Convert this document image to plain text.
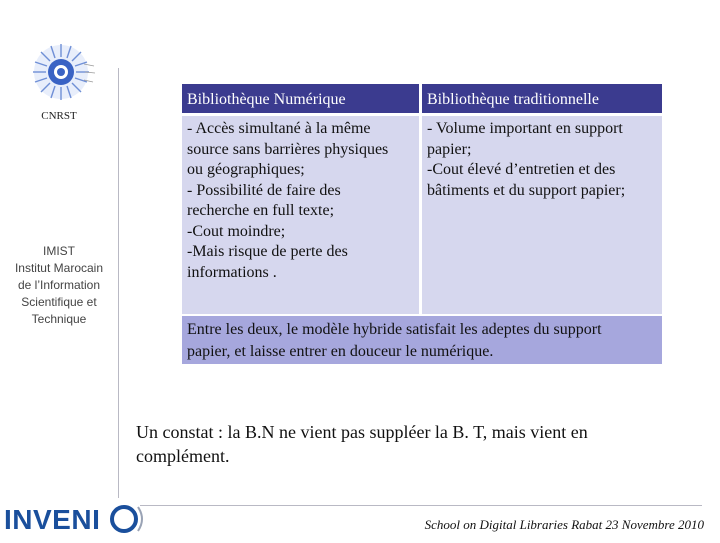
CNRST
IMIST
Institut Marocain
de l’Information
Scientifique et
Technique
Bibliothèque Numérique	Bibliothèque traditionnelle
- Accès simultané à la même
source sans barrières physiques
ou géographiques;
- Possibilité de faire des
recherche en full texte;
-Cout moindre;
-Mais risque de perte des
informations .
- Volume important en support
papier;
-Cout élevé d’entretien et des
bâtiments et du support papier;
Entre les deux, le modèle hybride satisfait les adeptes du support
papier, et laisse entrer en douceur le numérique.
Un constat : la B.N ne vient pas suppléer la B. T, mais vient en
complément.
INVENI	School on Digital Libraries Rabat 23 Novembre 2010
